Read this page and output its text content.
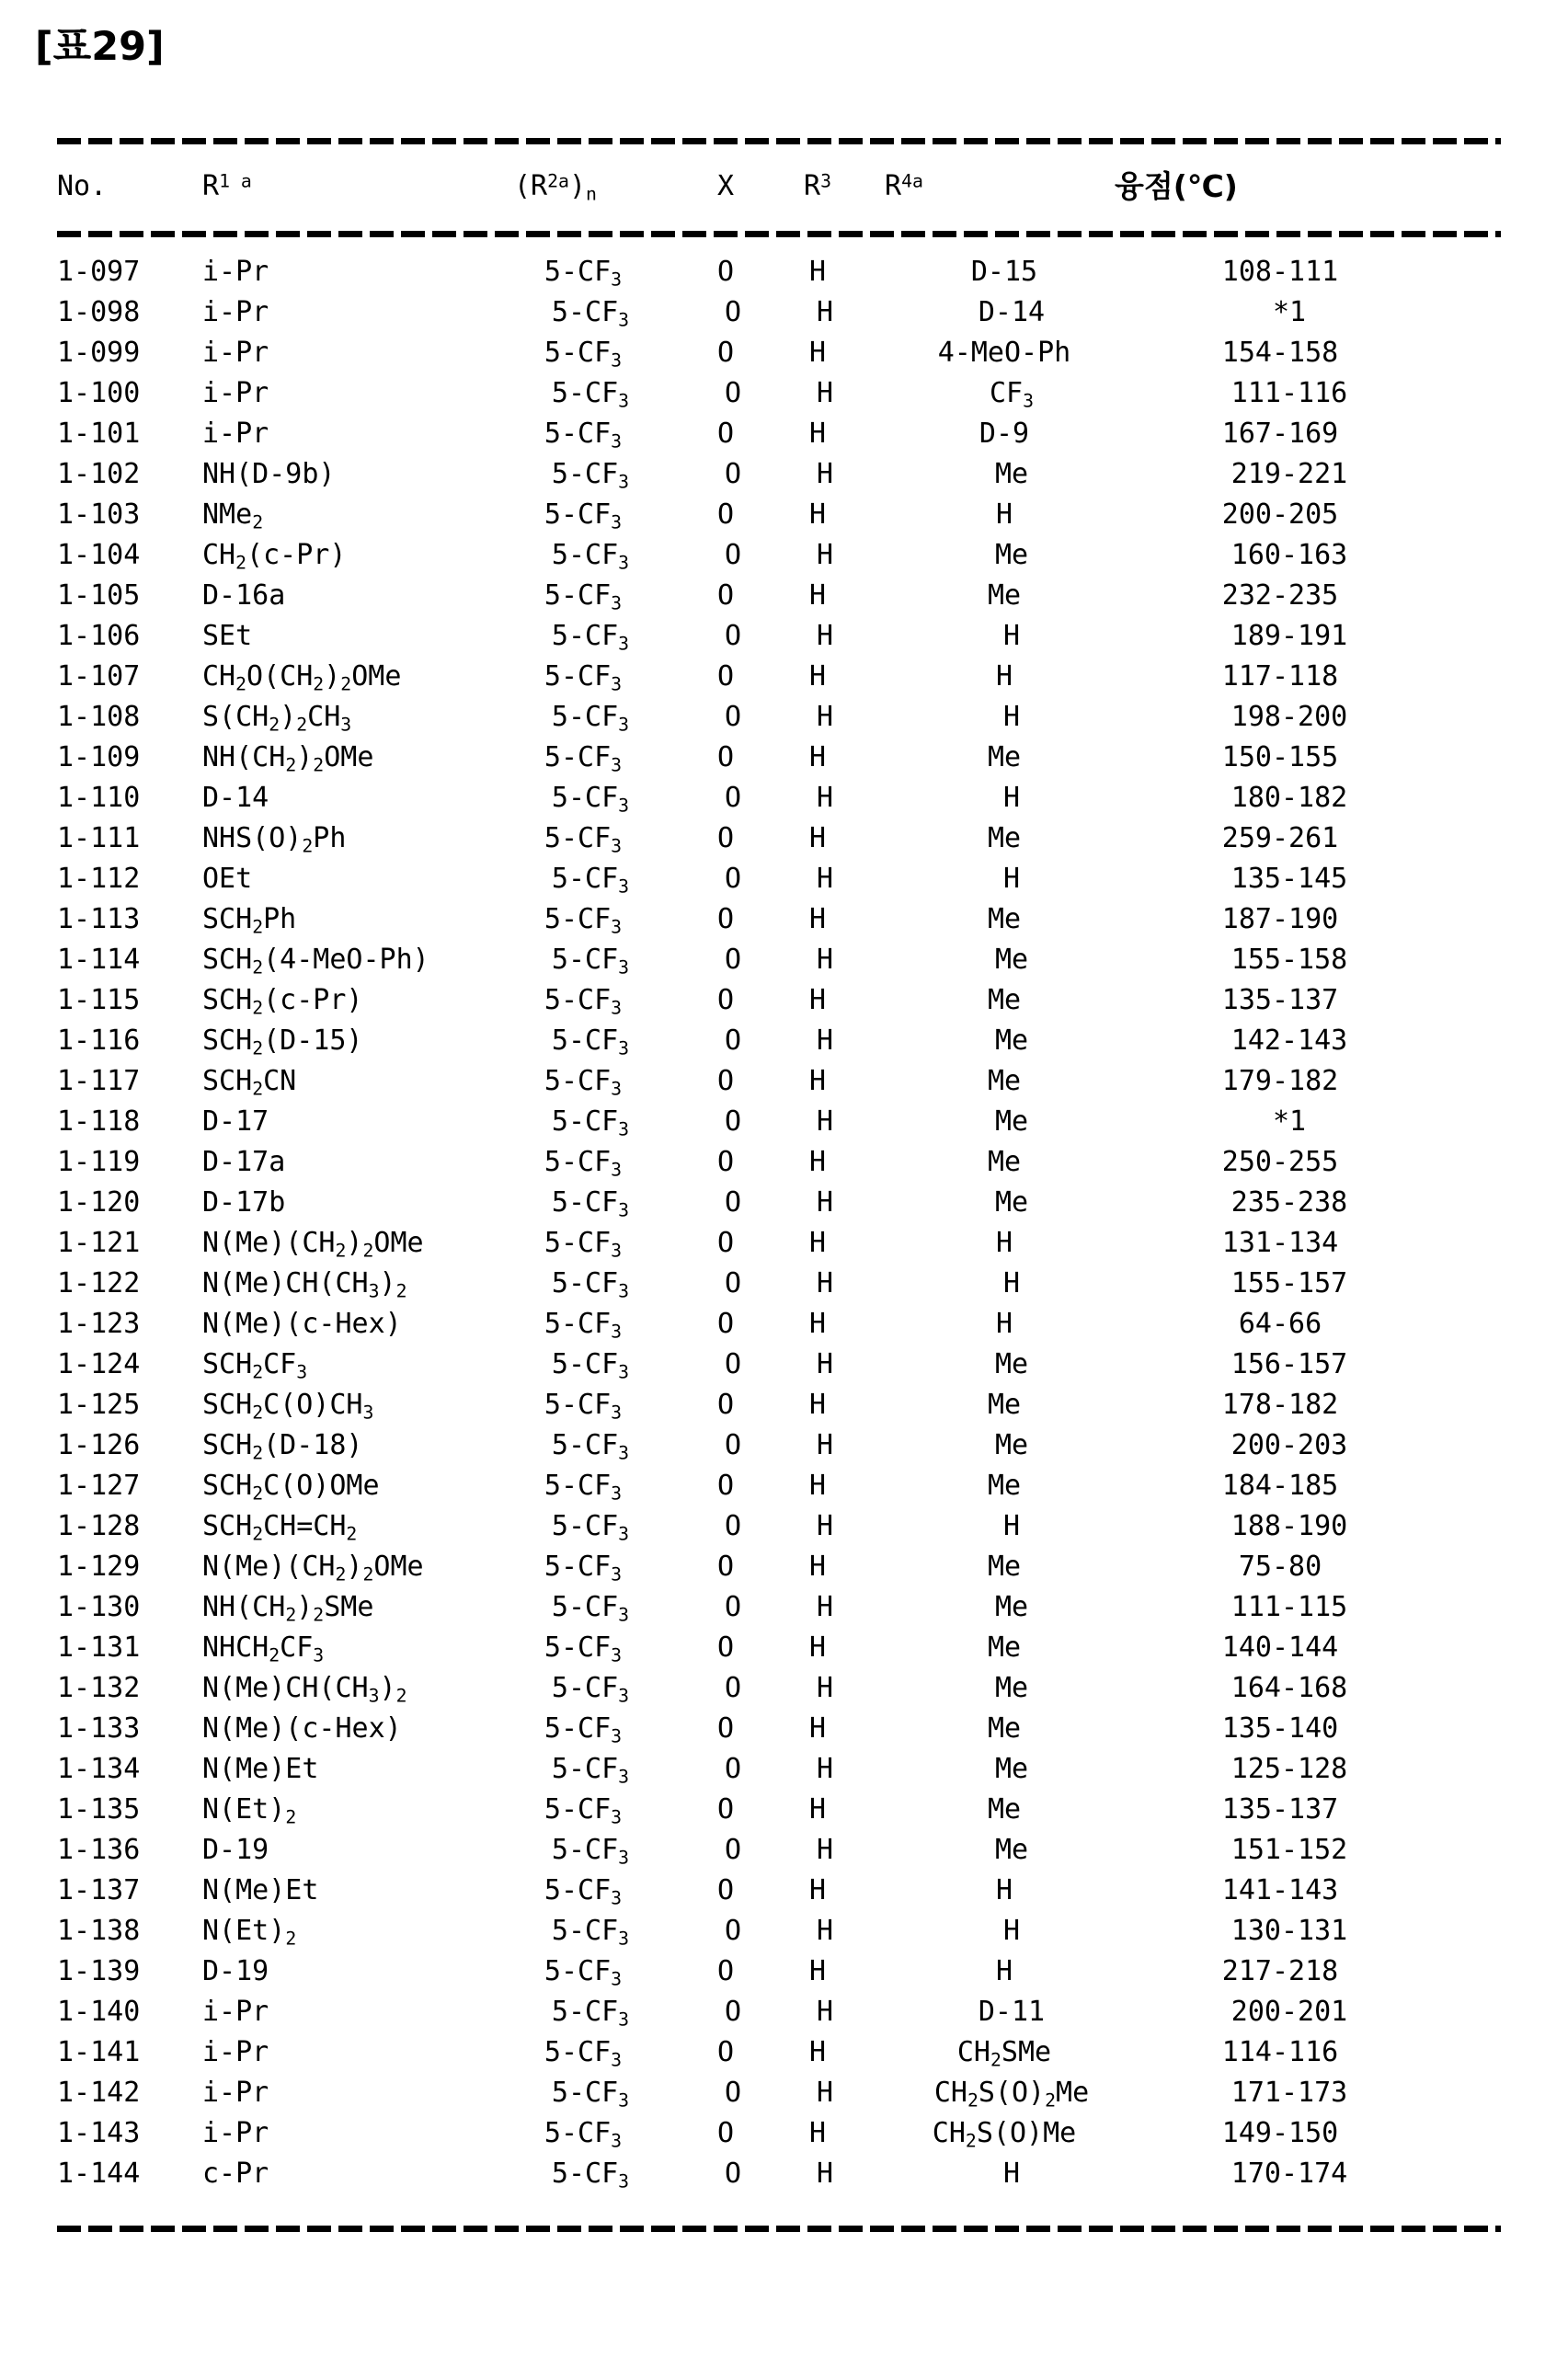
[표29]
No.	$R^{1 a}$	$(R^{2a})_n$	X	$R^3$	$R^{4a}$	융점(℃)
1-097 i-Pr	$5-CF_3$	O	H	D-15	108-111
1-098 i-Pr	$5-CF_3$	O	H	D-14	*1
1-099 i-Pr	$5-CF_3$	O	H	4-MeO-Ph	154-158
1-100 i-Pr	$5-CF_3$	O	H	$CF_3$	111-116
1-101 i-Pr	$5-CF_3$	O	H	D-9	167-169
1-102 NH(D-9b)	$5-CF_3$	O	H	Me	219-221
1-103 NMe$_2$	$5-CF_3$	O	H	H	200-205
1-104 $CH_2(c-Pr)$	$5-CF_3$	O	H	Me	160-163
1-105 D-16a	$5-CF_3$	O	H	Me	232-235
1-106 SEt	$5-CF_3$	O	H	H	189-191
1-107 $CH_2O(CH_2)_2OMe$	$5-CF_3$	O	H	H	117-118
1-108 $S(CH_2)_2CH_3$	$5-CF_3$	O	H	H	198-200
1-109 $NH(CH_2)_2OMe$	$5-CF_3$	O	H	Me	150-155
1-110 D-14	$5-CF_3$	O	H	H	180-182
1-111 $NHS(O)_2Ph$	$5-CF_3$	O	H	Me	259-261
1-112 OEt	$5-CF_3$	O	H	H	135-145
1-113 $SCH_2Ph$	$5-CF_3$	O	H	Me	187-190
1-114 $SCH_2(4-MeO-Ph)$	$5-CF_3$	O	H	Me	155-158
1-115 $SCH_2(c-Pr)$	$5-CF_3$	O	H	Me	135-137
1-116 $SCH_2(D-15)$	$5-CF_3$	O	H	Me	142-143
1-117 $SCH_2CN$	$5-CF_3$	O	H	Me	179-182
1-118 D-17	$5-CF_3$	O	H	Me	*1
1-119 D-17a	$5-CF_3$	O	H	Me	250-255
1-120 D-17b	$5-CF_3$	O	H	Me	235-238
1-121 $N(Me)(CH_2)_2OMe$	$5-CF_3$	O	H	H	131-134
1-122 $N(Me)CH(CH_3)_2$	$5-CF_3$	O	H	H	155-157
1-123 N(Me)(c-Hex)	$5-CF_3$	O	H	H	64-66
1-124 $SCH_2CF_3$	$5-CF_3$	O	H	Me	156-157
1-125 $SCH_2C(O)CH_3$	$5-CF_3$	O	H	Me	178-182
1-126 $SCH_2(D-18)$	$5-CF_3$	O	H	Me	200-203
1-127 $SCH_2C(O)OMe$	$5-CF_3$	O	H	Me	184-185
1-128 $SCH_2CH=CH_2$	$5-CF_3$	O	H	H	188-190
1-129 $N(Me)(CH_2)_2OMe$	$5-CF_3$	O	H	Me	75-80
1-130 $NH(CH_2)_2SMe$	$5-CF_3$	O	H	Me	111-115
1-131 $NHCH_2CF_3$	$5-CF_3$	O	H	Me	140-144
1-132 $N(Me)CH(CH_3)_2$	$5-CF_3$	O	H	Me	164-168
1-133 N(Me)(c-Hex)	$5-CF_3$	O	H	Me	135-140
1-134 N(Me)Et	$5-CF_3$	O	H	Me	125-128
1-135 $N(Et)_2$	$5-CF_3$	O	H	Me	135-137
1-136 D-19	$5-CF_3$	O	H	Me	151-152
1-137 N(Me)Et	$5-CF_3$	O	H	H	141-143
1-138 $N(Et)_2$	$5-CF_3$	O	H	H	130-131
1-139 D-19	$5-CF_3$	O	H	H	217-218
1-140 i-Pr	$5-CF_3$	O	H	D-11	200-201
1-141 i-Pr	$5-CF_3$	O	H	$CH_2SMe$	114-116
1-142 i-Pr	$5-CF_3$	O	H	$CH_2S(O)_2Me$	171-173
1-143 i-Pr	$5-CF_3$	O	H	$CH_2S(O)Me$	149-150
1-144 c-Pr	$5-CF_3$	O	H	H	170-174
